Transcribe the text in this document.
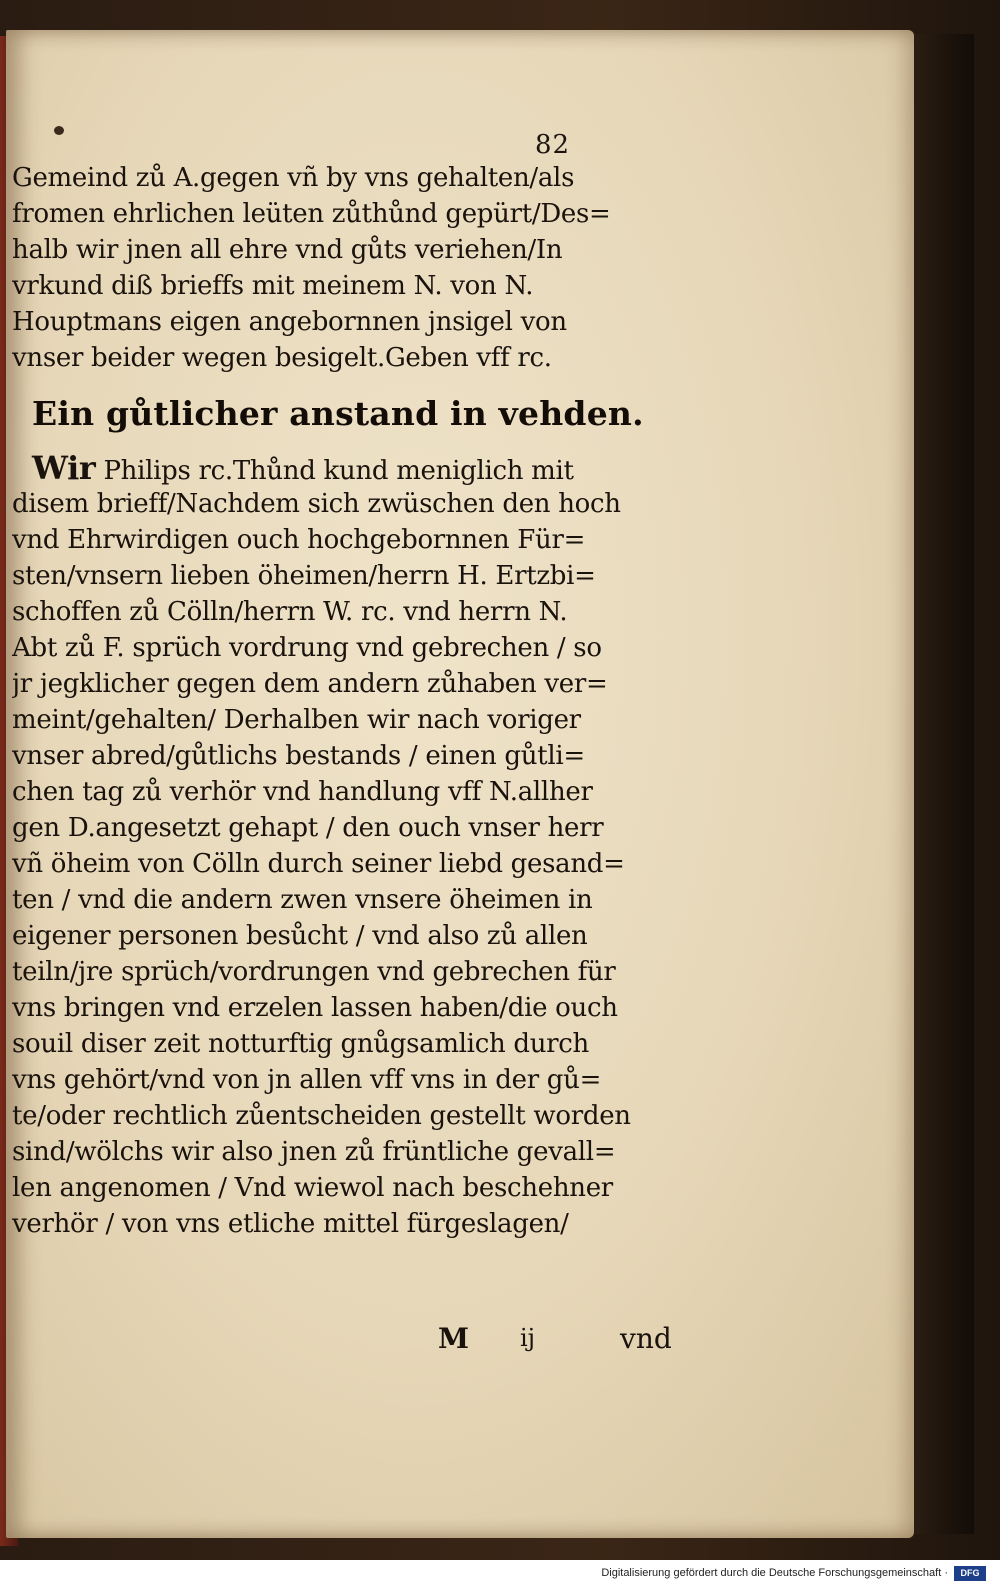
82
Gemeind zů A.gegen vñ by vns gehalten/als
fromen ehrlichen leüten zůthůnd gepürt/Des=
halb wir jnen all ehre vnd gůts veriehen/In
vrkund diß brieffs mit meinem N. von N.
Houptmans eigen angebornnen jnsigel von
vnser beider wegen besigelt.Geben vff rc.
Ein gůtlicher anstand in vehden.
Wir Philips rc.Thůnd kund meniglich mit
disem brieff/Nachdem sich zwüschen den hoch
vnd Ehrwirdigen ouch hochgebornnen Für=
sten/vnsern lieben öheimen/herrn H. Ertzbi=
schoffen zů Cölln/herrn W. rc. vnd herrn N.
Abt zů F. sprüch vordrung vnd gebrechen / so
jr jegklicher gegen dem andern zůhaben ver=
meint/gehalten/ Derhalben wir nach voriger
vnser abred/gůtlichs bestands / einen gůtli=
chen tag zů verhör vnd handlung vff N.allher
gen D.angesetzt gehapt / den ouch vnser herr
vñ öheim von Cölln durch seiner liebd gesand=
ten / vnd die andern zwen vnsere öheimen in
eigener personen besůcht / vnd also zů allen
teiln/jre sprüch/vordrungen vnd gebrechen für
vns bringen vnd erzelen lassen haben/die ouch
souil diser zeit notturftig gnůgsamlich durch
vns gehört/vnd von jn allen vff vns in der gů=
te/oder rechtlich zůentscheiden gestellt worden
sind/wölchs wir also jnen zů früntliche gevall=
len angenomen / Vnd wiewol nach beschehner
verhör / von vns etliche mittel fürgeslagen/
M ij	vnd
Digitalisierung gefördert durch die Deutsche Forschungsgemeinschaft ·	DFG
